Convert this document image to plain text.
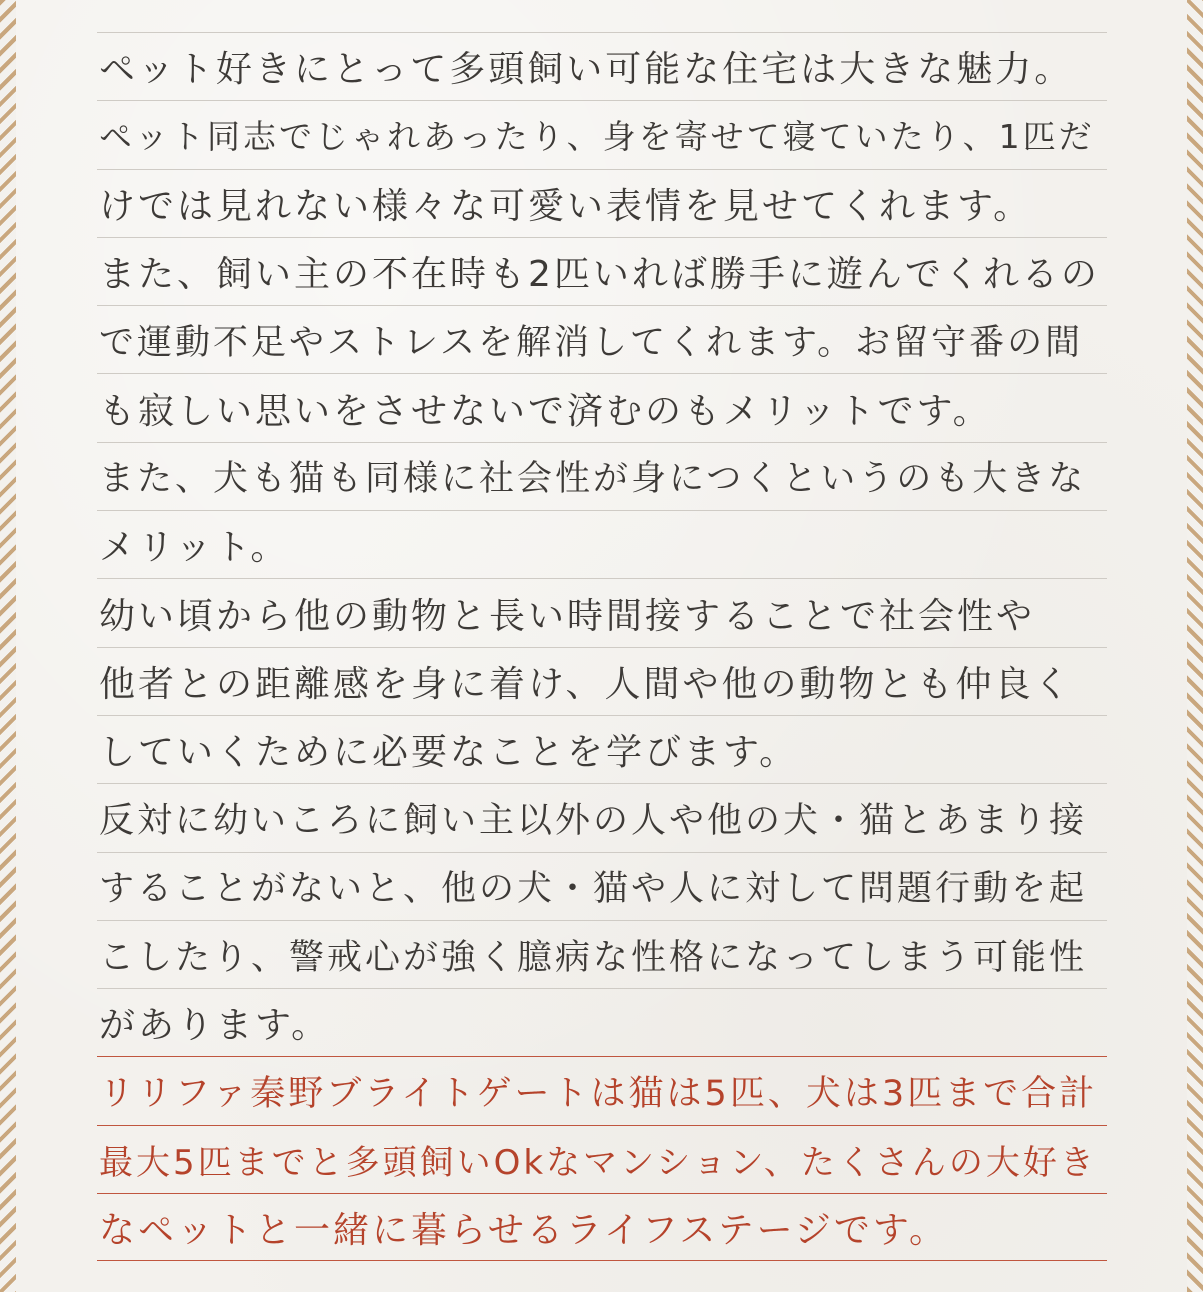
ペット好きにとって多頭飼い可能な住宅は大きな魅力。
ペット同志でじゃれあったり、身を寄せて寝ていたり、1匹だ
けでは見れない様々な可愛い表情を見せてくれます。
また、飼い主の不在時も2匹いれば勝手に遊んでくれるの
で運動不足やストレスを解消してくれます。お留守番の間
も寂しい思いをさせないで済むのもメリットです。
また、犬も猫も同様に社会性が身につくというのも大きな
メリット。
幼い頃から他の動物と長い時間接することで社会性や
他者との距離感を身に着け、人間や他の動物とも仲良く
していくために必要なことを学びます。
反対に幼いころに飼い主以外の人や他の犬・猫とあまり接
することがないと、他の犬・猫や人に対して問題行動を起
こしたり、警戒心が強く臆病な性格になってしまう可能性
があります。
リリファ秦野ブライトゲートは猫は5匹、犬は3匹まで合計
最大5匹までと多頭飼いOkなマンション、たくさんの大好き
なペットと一緒に暮らせるライフステージです。
